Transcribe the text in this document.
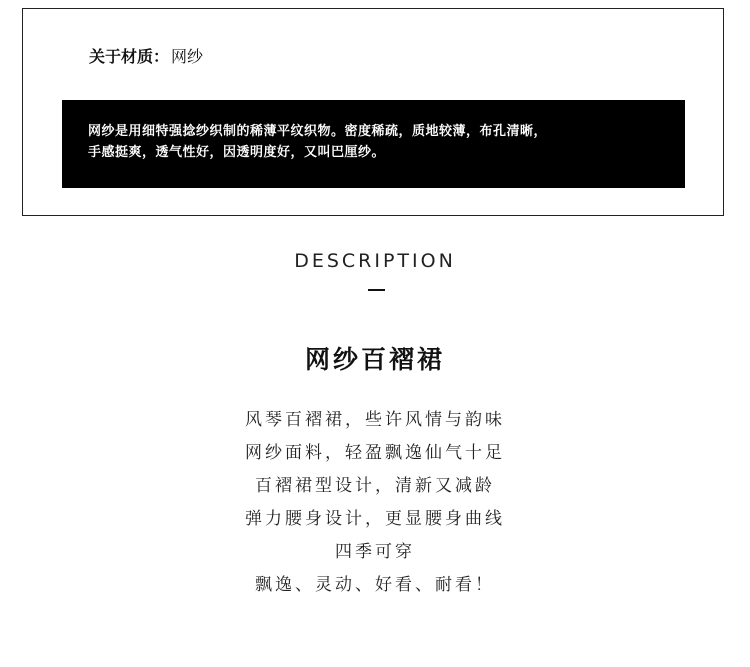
关于材质： 网纱
网纱是用细特强捻纱织制的稀薄平纹织物。密度稀疏，质地较薄，布孔清晰，
手感挺爽，透气性好，因透明度好，又叫巴厘纱。
DESCRIPTION
网纱百褶裙
风琴百褶裙，些许风情与韵味
网纱面料，轻盈飘逸仙气十足
百褶裙型设计，清新又减龄
弹力腰身设计，更显腰身曲线
四季可穿
飘逸、灵动、好看、耐看！
